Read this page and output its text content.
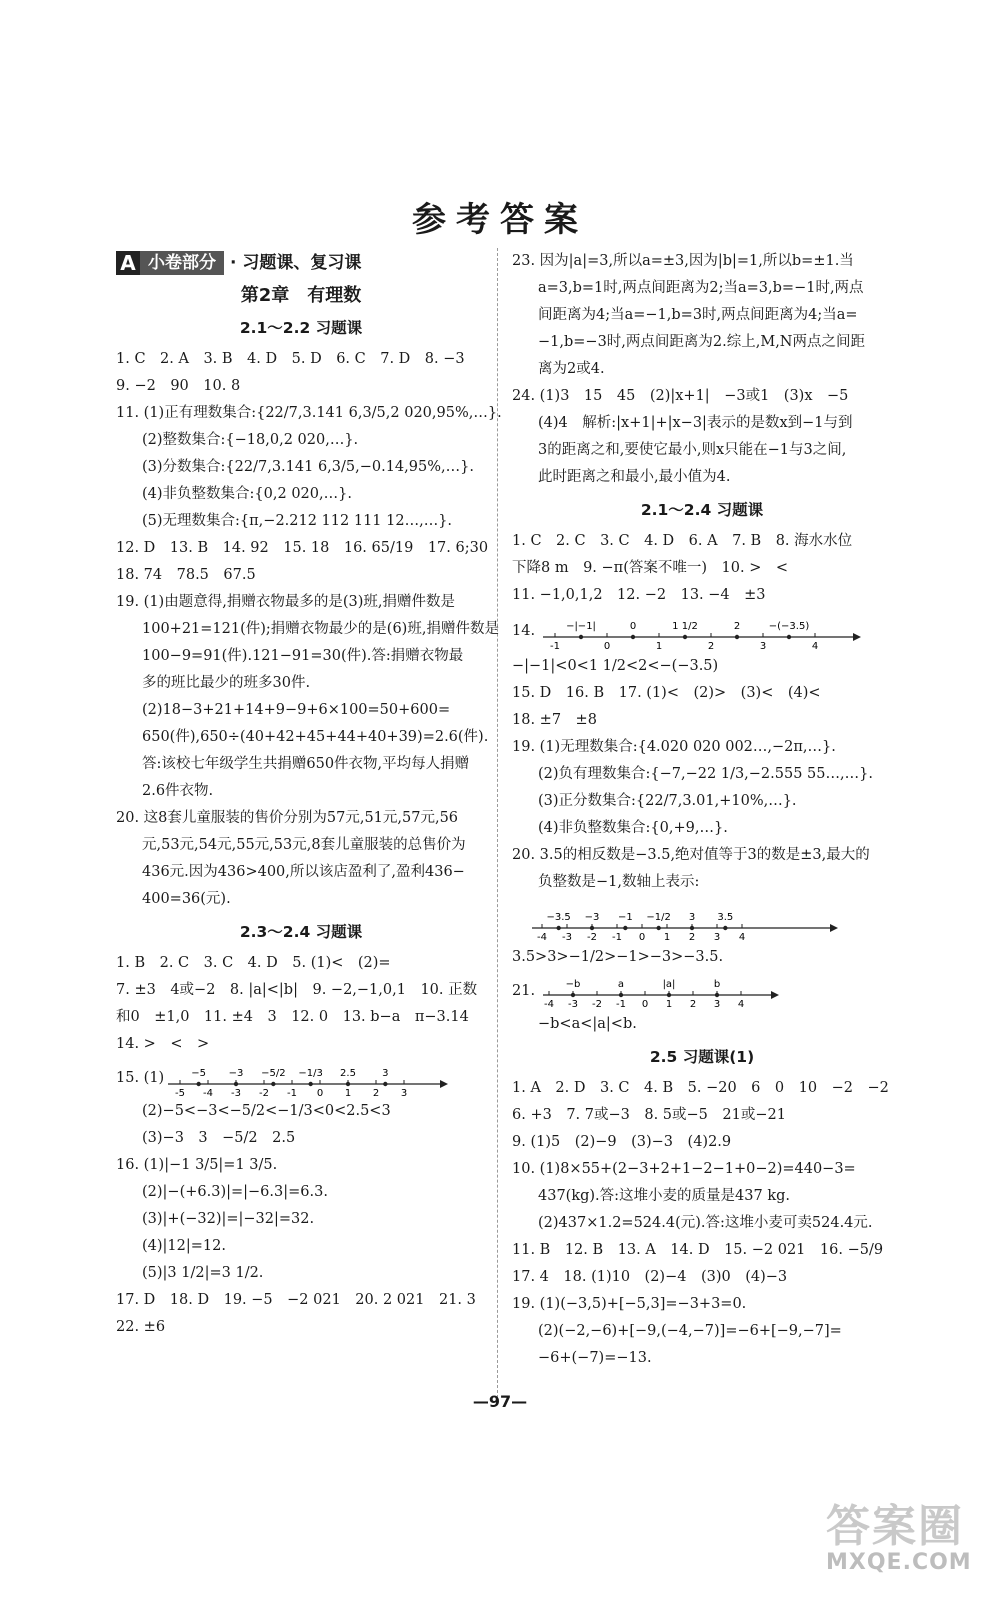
参考答案
A 小卷部分 · 习题课、复习课
第2章　有理数
2.1～2.2 习题课
1. C　2. A　3. B　4. D　5. D　6. C　7. D　8. −3
9. −2　90　10. 8
11. (1)正有理数集合:{22/7,3.141 6,3/5,2 020,95%,…}.
(2)整数集合:{−18,0,2 020,…}.
(3)分数集合:{22/7,3.141 6,3/5,−0.14,95%,…}.
(4)非负整数集合:{0,2 020,…}.
(5)无理数集合:{π,−2.212 112 111 12…,…}.
12. D　13. B　14. 92　15. 18　16. 65/19　17. 6;30
18. 74　78.5　67.5
19. (1)由题意得,捐赠衣物最多的是(3)班,捐赠件数是
100+21=121(件);捐赠衣物最少的是(6)班,捐赠件数是
100−9=91(件).121−91=30(件).答:捐赠衣物最
多的班比最少的班多30件.
(2)18−3+21+14+9−9+6×100=50+600=
650(件),650÷(40+42+45+44+40+39)=2.6(件).
答:该校七年级学生共捐赠650件衣物,平均每人捐赠
2.6件衣物.
20. 这8套儿童服装的售价分别为57元,51元,57元,56
元,53元,54元,55元,53元,8套儿童服装的总售价为
436元.因为436>400,所以该店盈利了,盈利436−
400=36(元).
2.3～2.4 习题课
1. B　2. C　3. C　4. D　5. (1)<　(2)=
7. ±3　4或−2　8. |a|<|b|　9. −2,−1,0,1　10. 正数
和0　±1,0　11. ±4　3　12. 0　13. b−a　π−3.14
14. >　<　>
15. (1)
-5 -4 -3 -2 -1 0 1 2 3
−5 −3 −5/2 −1/3 2.5	3
(2)−5<−3<−5/2<−1/3<0<2.5<3
(3)−3　3　−5/2　2.5
16. (1)|−1 3/5|=1 3/5.
(2)|−(+6.3)|=|−6.3|=6.3.
(3)|+(−32)|=|−32|=32.
(4)|12|=12.
(5)|3 1/2|=3 1/2.
17. D　18. D　19. −5　−2 021　20. 2 021　21. 3
22. ±6
23. 因为|a|=3,所以a=±3,因为|b|=1,所以b=±1.当
a=3,b=1时,两点间距离为2;当a=3,b=−1时,两点
间距离为4;当a=−1,b=3时,两点间距离为4;当a=
−1,b=−3时,两点间距离为2.综上,M,N两点之间距
离为2或4.
24. (1)3　15　45　(2)|x+1|　−3或1　(3)x　−5
(4)4　解析:|x+1|+|x−3|表示的是数x到−1与到
3的距离之和,要使它最小,则x只能在−1与3之间,
此时距离之和最小,最小值为4.
2.1～2.4 习题课
1. C　2. C　3. C　4. D　6. A　7. B　8. 海水水位
下降8 m　9. −π(答案不唯一)　10. >　<
11. −1,0,1,2　12. −2　13. −4　±3
14.
-1	0	1	2	3	4
−|−1|	0	1 1/2	2	−(−3.5)
−|−1|<0<1 1/2<2<−(−3.5)
15. D　16. B　17. (1)<　(2)>　(3)<　(4)<
18. ±7　±8
19. (1)无理数集合:{4.020 020 002…,−2π,…}.
(2)负有理数集合:{−7,−22 1/3,−2.555 55…,…}.
(3)正分数集合:{22/7,3.01,+10%,…}.
(4)非负整数集合:{0,+9,…}.
20. 3.5的相反数是−3.5,绝对值等于3的数是±3,最大的
负整数是−1,数轴上表示:
-4 -3 -2 -1 0 1 2 3 4
−3.5 −3 −1 −1/2 3 3.5
3.5>3>−1/2>−1>−3>−3.5.
21.
-4 -3 -2 -1 0 1 2 3 4
−b	a	|a|	b
−b<a<|a|<b.
2.5 习题课(1)
1. A　2. D　3. C　4. B　5. −20　6　0　10　−2　−2
6. +3　7. 7或−3　8. 5或−5　21或−21
9. (1)5　(2)−9　(3)−3　(4)2.9
10. (1)8×55+(2−3+2+1−2−1+0−2)=440−3=
437(kg).答:这堆小麦的质量是437 kg.
(2)437×1.2=524.4(元).答:这堆小麦可卖524.4元.
11. B　12. B　13. A　14. D　15. −2 021　16. −5/9
17. 4　18. (1)10　(2)−4　(3)0　(4)−3
19. (1)(−3,5)+[−5,3]=−3+3=0.
(2)(−2,−6)+[−9,(−4,−7)]=−6+[−9,−7]=
−6+(−7)=−13.
—97—
答案圈
MXQE.COM
